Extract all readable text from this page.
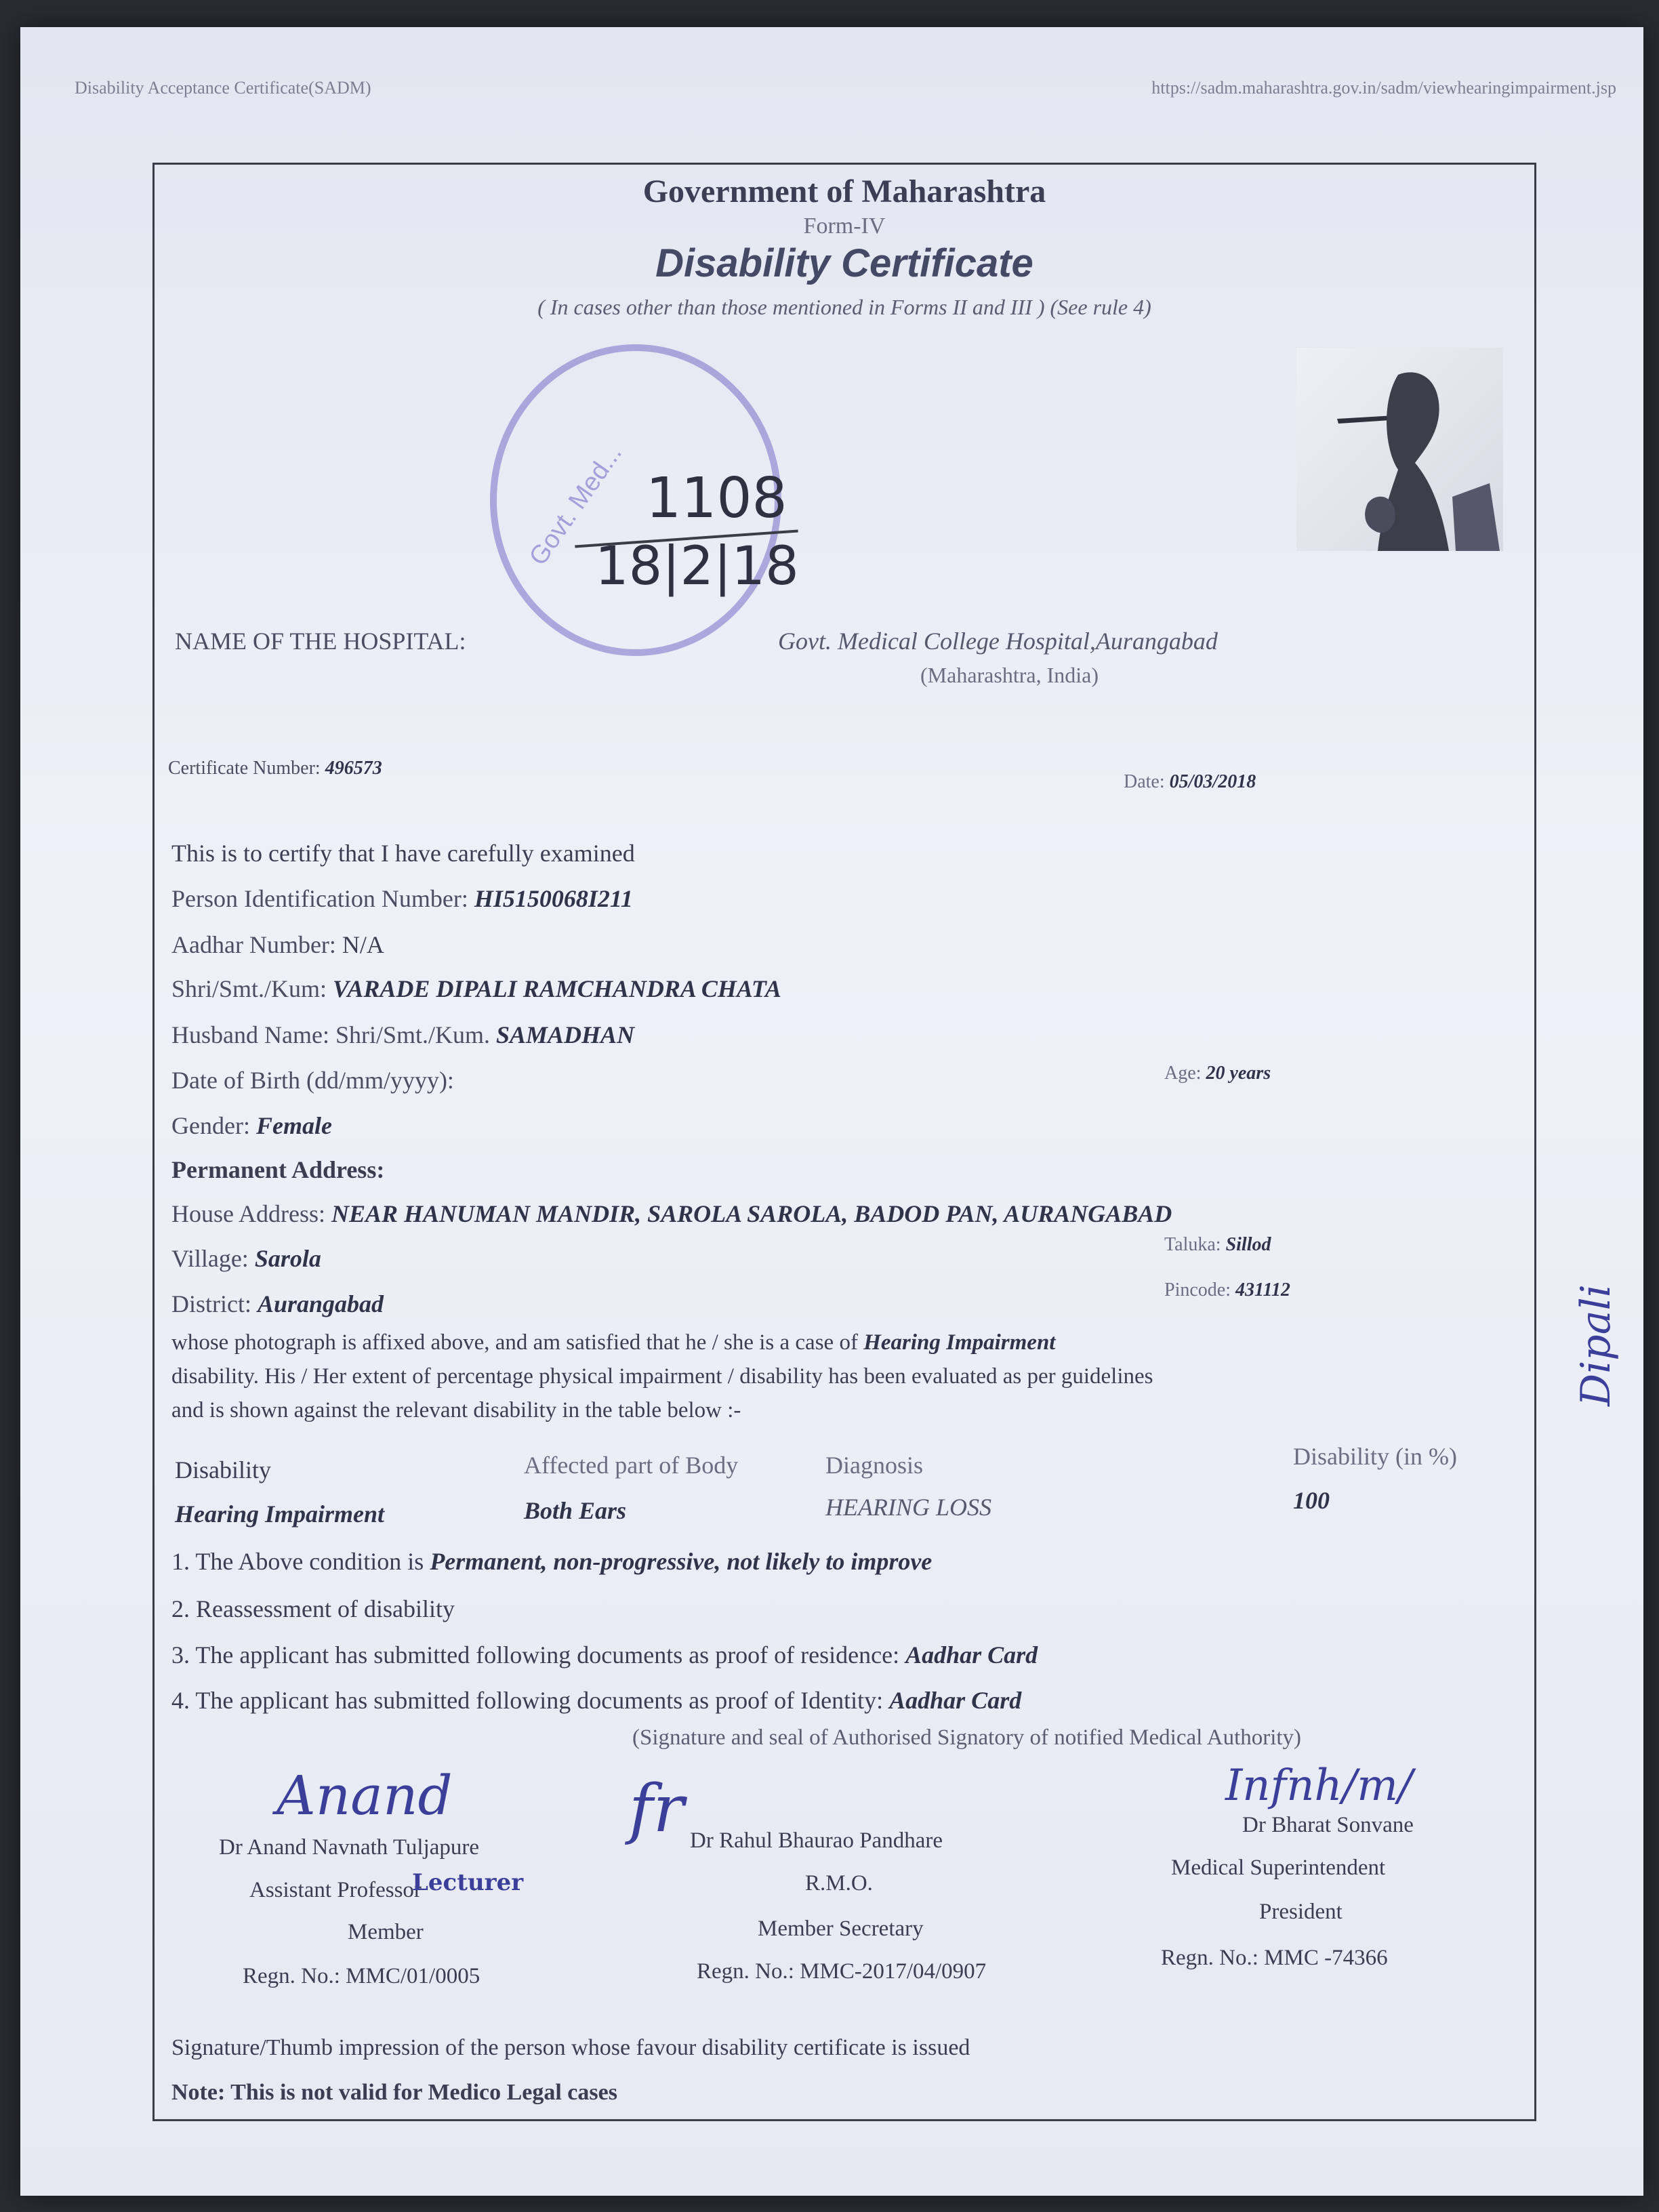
Disability Acceptance Certificate(SADM)	https://sadm.maharashtra.gov.in/sadm/viewhearingimpairment.jsp
Government of Maharashtra
Form-IV
Disability Certificate
( In cases other than those mentioned in Forms II and III ) (See rule 4)
Govt. Med... 1108
18|2|18
NAME OF THE HOSPITAL:	Govt. Medical College Hospital,Aurangabad
(Maharashtra, India)
Certificate Number: 496573
Date: 05/03/2018
This is to certify that I have carefully examined
Person Identification Number: HI5150068I211
Aadhar Number: N/A
Shri/Smt./Kum: VARADE DIPALI RAMCHANDRA CHATA
Husband Name: Shri/Smt./Kum. SAMADHAN
Date of Birth (dd/mm/yyyy):	Age: 20 years
Gender: Female
Permanent Address:
House Address: NEAR HANUMAN MANDIR, SAROLA SAROLA, BADOD PAN, AURANGABAD
Village: Sarola
Taluka: Sillod
District: Aurangabad
Pincode: 431112
whose photograph is affixed above, and am satisfied that he / she is a case of Hearing Impairment
disability. His / Her extent of percentage physical impairment / disability has been evaluated as per guidelines
and is shown against the relevant disability in the table below :-
Disability	Affected part of Body	Diagnosis	Disability (in %)
Hearing Impairment	Both Ears	HEARING LOSS	100
1. The Above condition is Permanent, non-progressive, not likely to improve
2. Reassessment of disability
3. The applicant has submitted following documents as proof of residence: Aadhar Card
4. The applicant has submitted following documents as proof of Identity: Aadhar Card
(Signature and seal of Authorised Signatory of notified Medical Authority)
Anand	fr	Infnh/m/
Dr Anand Navnath Tuljapure
Assistant Professor
Lecturer
Member
Regn. No.: MMC/01/0005
Dr Rahul Bhaurao Pandhare
R.M.O.
Member Secretary
Regn. No.: MMC-2017/04/0907
Dr Bharat Sonvane
Medical Superintendent
President
Regn. No.: MMC -74366
Signature/Thumb impression of the person whose favour disability certificate is issued
Note: This is not valid for Medico Legal cases
Dipali
